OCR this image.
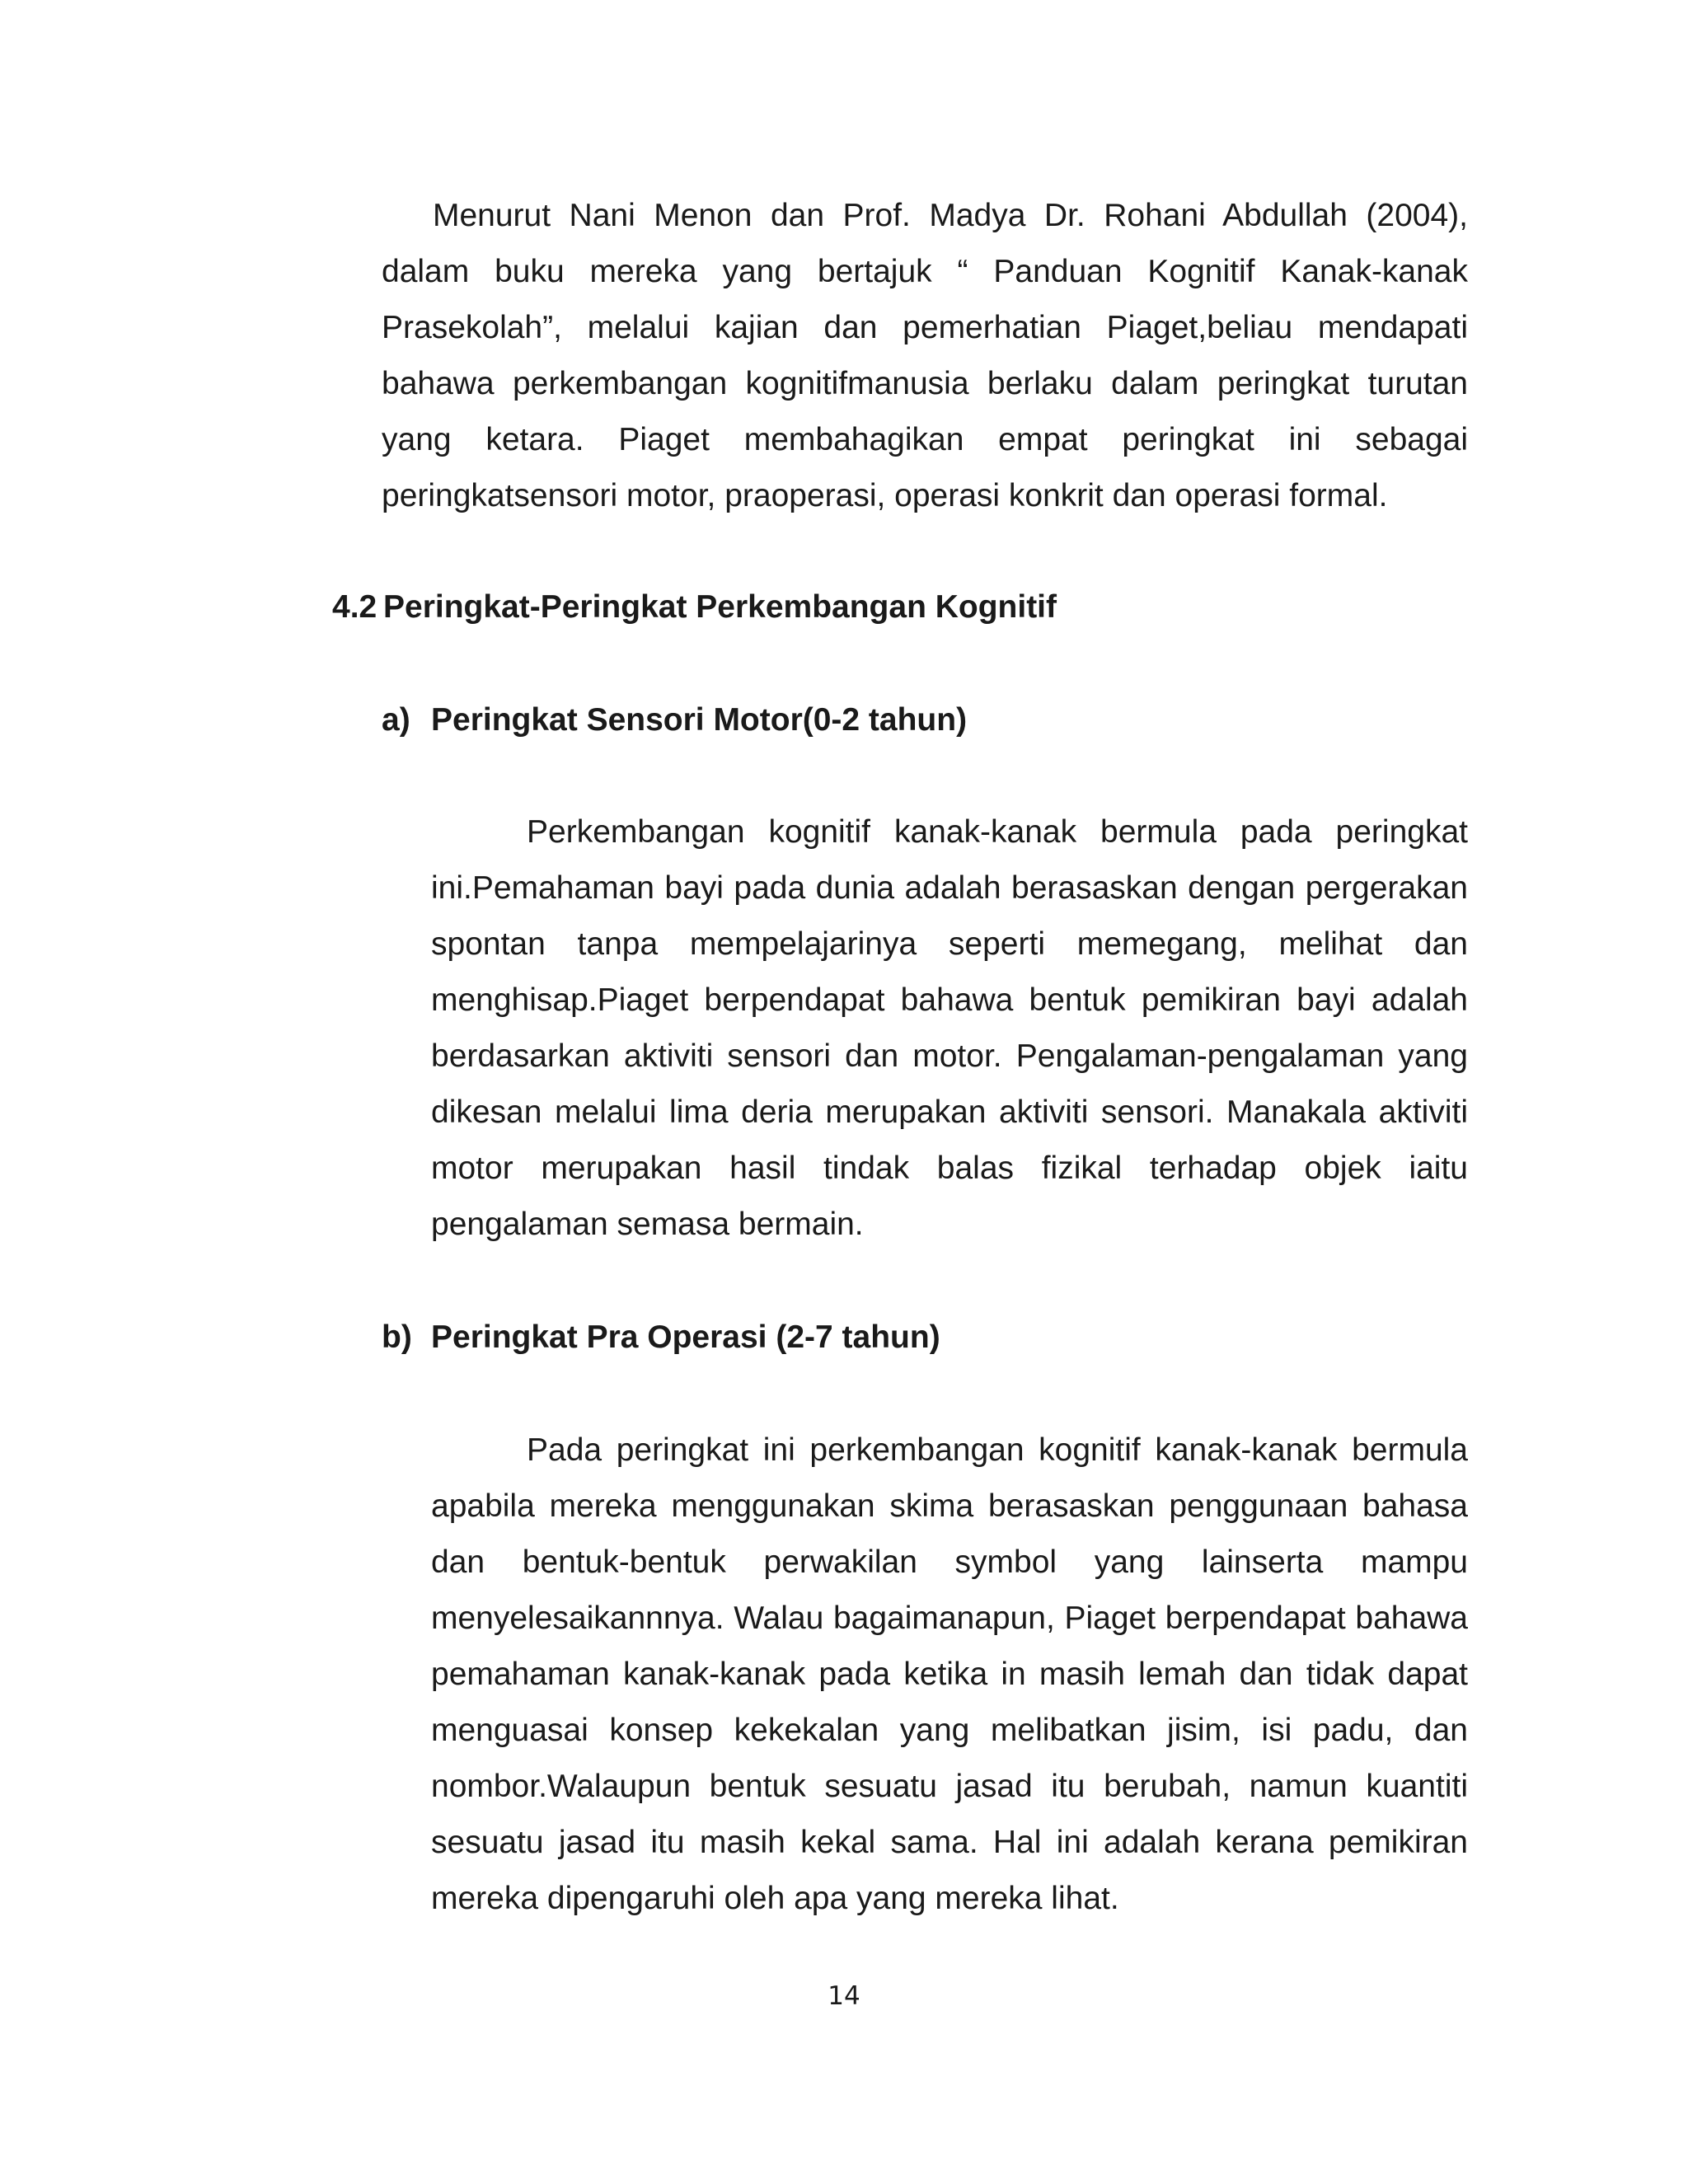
Menurut Nani Menon dan Prof. Madya Dr. Rohani Abdullah (2004), dalam buku mereka yang bertajuk “ Panduan Kognitif Kanak-kanak Prasekolah”, melalui kajian dan pemerhatian Piaget,beliau mendapati bahawa perkembangan kognitifmanusia berlaku dalam peringkat turutan yang ketara. Piaget membahagikan empat peringkat ini sebagai peringkatsensori motor, praoperasi, operasi konkrit dan operasi formal.

4.2 Peringkat-Peringkat Perkembangan Kognitif
a) Peringkat Sensori Motor(0-2 tahun)

Perkembangan kognitif kanak-kanak bermula pada peringkat ini.Pemahaman bayi pada dunia adalah berasaskan dengan pergerakan spontan tanpa mempelajarinya seperti memegang, melihat dan menghisap.Piaget berpendapat bahawa bentuk pemikiran bayi adalah berdasarkan aktiviti sensori dan motor. Pengalaman-pengalaman yang dikesan melalui lima deria merupakan aktiviti sensori. Manakala aktiviti motor merupakan hasil tindak balas fizikal terhadap objek iaitu pengalaman semasa bermain.

b) Peringkat Pra Operasi (2-7 tahun)

Pada peringkat ini perkembangan kognitif kanak-kanak bermula apabila mereka menggunakan skima berasaskan penggunaan bahasa dan bentuk-bentuk perwakilan symbol yang lainserta mampu menyelesaikannnya. Walau bagaimanapun, Piaget berpendapat bahawa pemahaman kanak-kanak pada ketika in masih lemah dan tidak dapat menguasai konsep kekekalan yang melibatkan jisim, isi padu, dan nombor.Walaupun bentuk sesuatu jasad itu berubah, namun kuantiti sesuatu jasad itu masih kekal sama. Hal ini adalah kerana pemikiran mereka dipengaruhi oleh apa yang mereka lihat.

14
